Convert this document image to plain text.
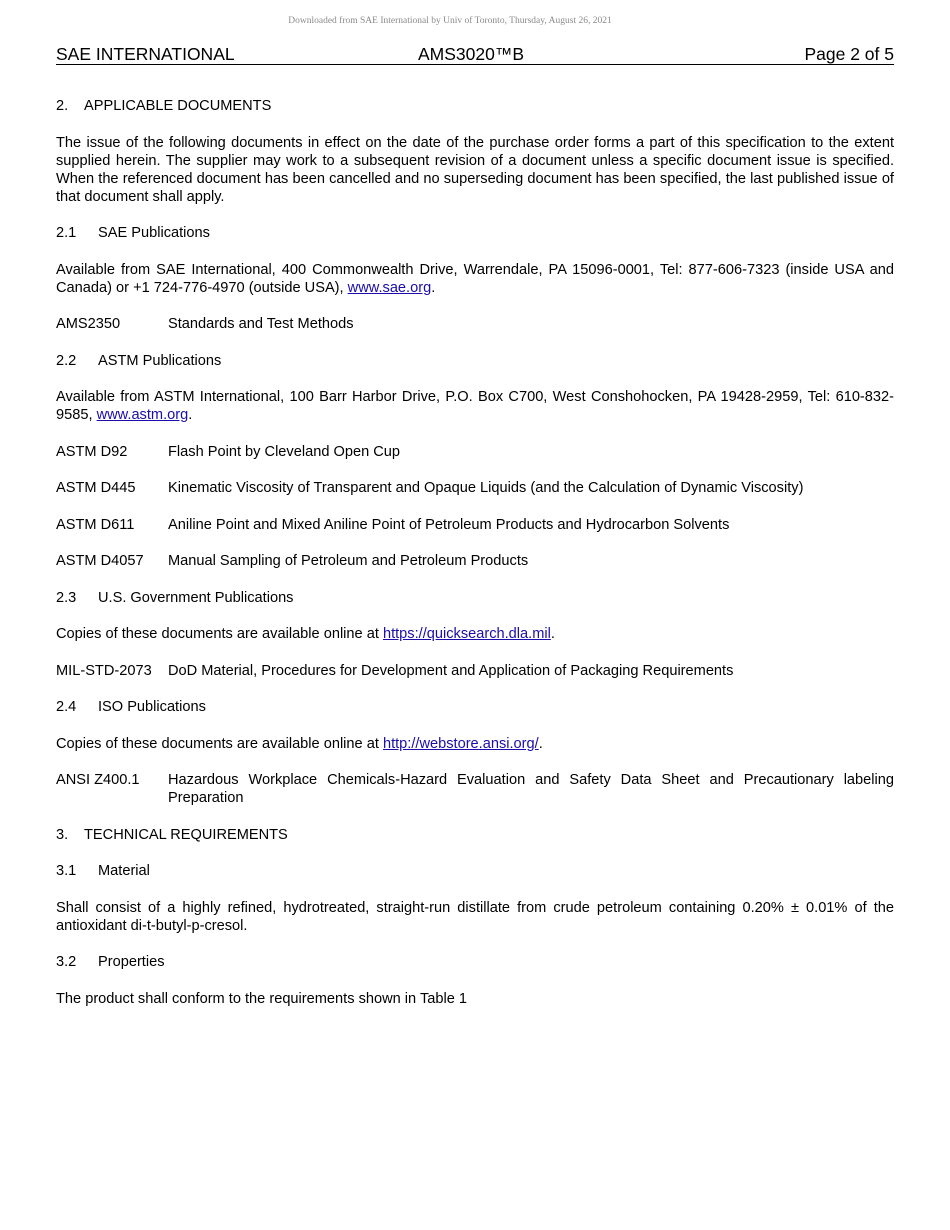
Downloaded from SAE International by Univ of Toronto, Thursday, August 26, 2021
SAE INTERNATIONAL	AMS3020™B	Page 2 of 5

2. APPLICABLE DOCUMENTS

The issue of the following documents in effect on the date of the purchase order forms a part of this specification to the extent supplied herein. The supplier may work to a subsequent revision of a document unless a specific document issue is specified. When the referenced document has been cancelled and no superseding document has been specified, the last published issue of that document shall apply.

2.1 SAE Publications

Available from SAE International, 400 Commonwealth Drive, Warrendale, PA 15096-0001, Tel: 877-606-7323 (inside USA and Canada) or +1 724-776-4970 (outside USA), www.sae.org.

AMS2350	Standards and Test Methods

2.2 ASTM Publications

Available from ASTM International, 100 Barr Harbor Drive, P.O. Box C700, West Conshohocken, PA 19428-2959, Tel: 610-832-9585, www.astm.org.

ASTM D92	Flash Point by Cleveland Open Cup
ASTM D445	Kinematic Viscosity of Transparent and Opaque Liquids (and the Calculation of Dynamic Viscosity)
ASTM D611	Aniline Point and Mixed Aniline Point of Petroleum Products and Hydrocarbon Solvents
ASTM D4057	Manual Sampling of Petroleum and Petroleum Products

2.3 U.S. Government Publications

Copies of these documents are available online at https://quicksearch.dla.mil.

MIL-STD-2073	DoD Material, Procedures for Development and Application of Packaging Requirements

2.4 ISO Publications

Copies of these documents are available online at http://webstore.ansi.org/.

ANSI Z400.1	Hazardous Workplace Chemicals-Hazard Evaluation and Safety Data Sheet and Precautionary labeling Preparation

3. TECHNICAL REQUIREMENTS

3.1 Material

Shall consist of a highly refined, hydrotreated, straight-run distillate from crude petroleum containing 0.20% ± 0.01% of the antioxidant di-t-butyl-p-cresol.

3.2 Properties

The product shall conform to the requirements shown in Table 1
